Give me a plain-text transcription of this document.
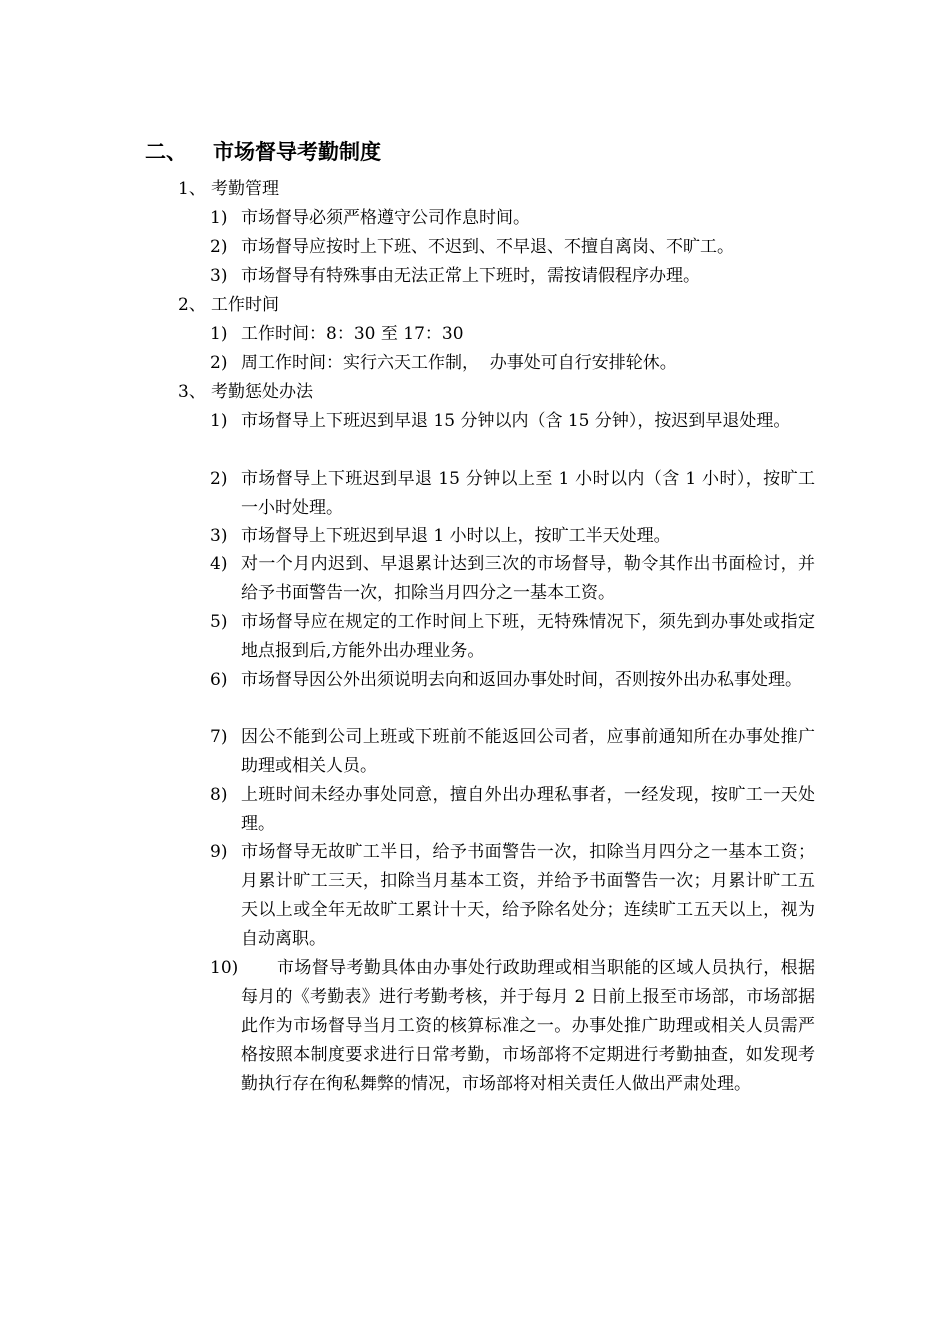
二、 市场督导考勤制度
1、 考勤管理
1) 市场督导必须严格遵守公司作息时间。
2) 市场督导应按时上下班、不迟到、不早退、不擅自离岗、不旷工。
3) 市场督导有特殊事由无法正常上下班时，需按请假程序办理。
2、 工作时间
1) 工作时间：8：30 至 17：30
2) 周工作时间：实行六天工作制，  办事处可自行安排轮休。
3、 考勤惩处办法
1) 市场督导上下班迟到早退 15 分钟以内（含 15 分钟），按迟到早退处理。
2) 市场督导上下班迟到早退 15 分钟以上至 1 小时以内（含 1 小时），按旷工一小时处理。
3) 市场督导上下班迟到早退 1 小时以上，按旷工半天处理。
4) 对一个月内迟到、早退累计达到三次的市场督导，勒令其作出书面检讨，并给予书面警告一次，扣除当月四分之一基本工资。
5) 市场督导应在规定的工作时间上下班，无特殊情况下，须先到办事处或指定地点报到后,方能外出办理业务。
6) 市场督导因公外出须说明去向和返回办事处时间，否则按外出办私事处理。
7) 因公不能到公司上班或下班前不能返回公司者，应事前通知所在办事处推广助理或相关人员。
8) 上班时间未经办事处同意，擅自外出办理私事者，一经发现，按旷工一天处理。
9) 市场督导无故旷工半日，给予书面警告一次，扣除当月四分之一基本工资；月累计旷工三天，扣除当月基本工资，并给予书面警告一次；月累计旷工五天以上或全年无故旷工累计十天，给予除名处分；连续旷工五天以上，视为自动离职。
10)	市场督导考勤具体由办事处行政助理或相当职能的区域人员执行，根据每月的《考勤表》进行考勤考核，并于每月 2 日前上报至市场部，市场部据此作为市场督导当月工资的核算标准之一。办事处推广助理或相关人员需严格按照本制度要求进行日常考勤，市场部将不定期进行考勤抽查，如发现考勤执行存在徇私舞弊的情况，市场部将对相关责任人做出严肃处理。
